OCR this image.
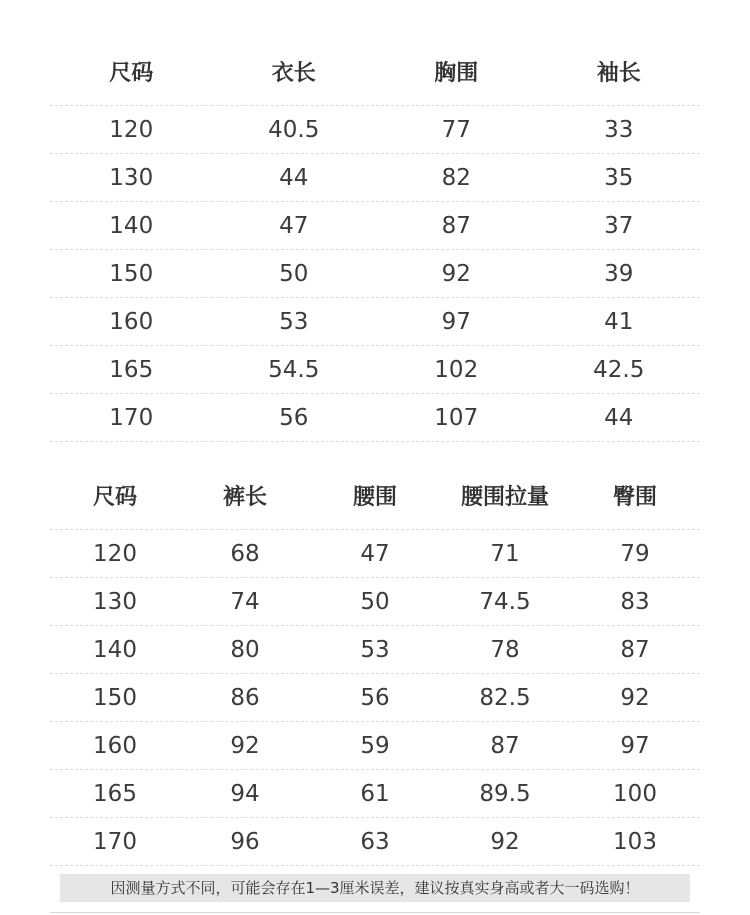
尺码	衣长	胸围	袖长
120	40.5	77	33
130	44	82	35
140	47	87	37
150	50	92	39
160	53	97	41
165	54.5	102	42.5
170	56	107	44
尺码	裤长	腰围	腰围拉量	臀围
120	68	47	71	79
130	74	50	74.5	83
140	80	53	78	87
150	86	56	82.5	92
160	92	59	87	97
165	94	61	89.5	100
170	96	63	92	103
因测量方式不同，可能会存在1—3厘米误差，建议按真实身高或者大一码选购！
